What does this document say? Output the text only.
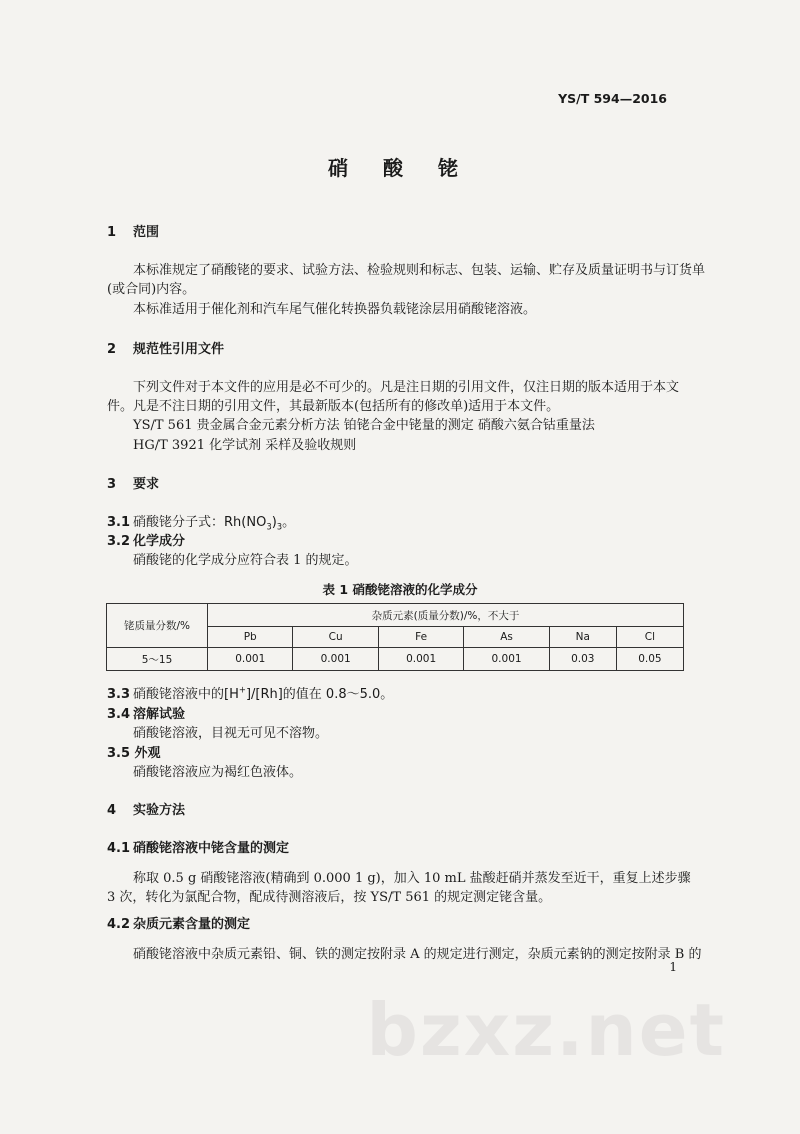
YS/T 594—2016
硝 酸 铑
1 范围
本标准规定了硝酸铑的要求、试验方法、检验规则和标志、包装、运输、贮存及质量证明书与订货单
(或合同)内容。
本标准适用于催化剂和汽车尾气催化转换器负载铑涂层用硝酸铑溶液。
2 规范性引用文件
下列文件对于本文件的应用是必不可少的。凡是注日期的引用文件，仅注日期的版本适用于本文
件。凡是不注日期的引用文件，其最新版本(包括所有的修改单)适用于本文件。
YS/T 561 贵金属合金元素分析方法 铂铑合金中铑量的测定 硝酸六氨合钴重量法
HG/T 3921 化学试剂 采样及验收规则
3 要求
3.1 硝酸铑分子式：$Rh(NO_3)_3$。
3.2 化学成分
硝酸铑的化学成分应符合表 1 的规定。
表 1 硝酸铑溶液的化学成分
铑质量分数/%	杂质元素(质量分数)/%，不大于					
	Pb	Cu	Fe	As	Na	Cl
5～15	0.001	0.001	0.001	0.001	0.03	0.05
3.3 硝酸铑溶液中的[H+]/[Rh]的值在 0.8～5.0。
3.4 溶解试验
硝酸铑溶液，目视无可见不溶物。
3.5 外观
硝酸铑溶液应为褐红色液体。
4 实验方法
4.1 硝酸铑溶液中铑含量的测定
称取 0.5 g 硝酸铑溶液(精确到 0.000 1 g)，加入 10 mL 盐酸赶硝并蒸发至近干，重复上述步骤
3 次，转化为氯配合物，配成待测溶液后，按 YS/T 561 的规定测定铑含量。
4.2 杂质元素含量的测定
硝酸铑溶液中杂质元素铅、铜、铁的测定按附录 A 的规定进行测定，杂质元素钠的测定按附录 B 的
1
bzxz.net
